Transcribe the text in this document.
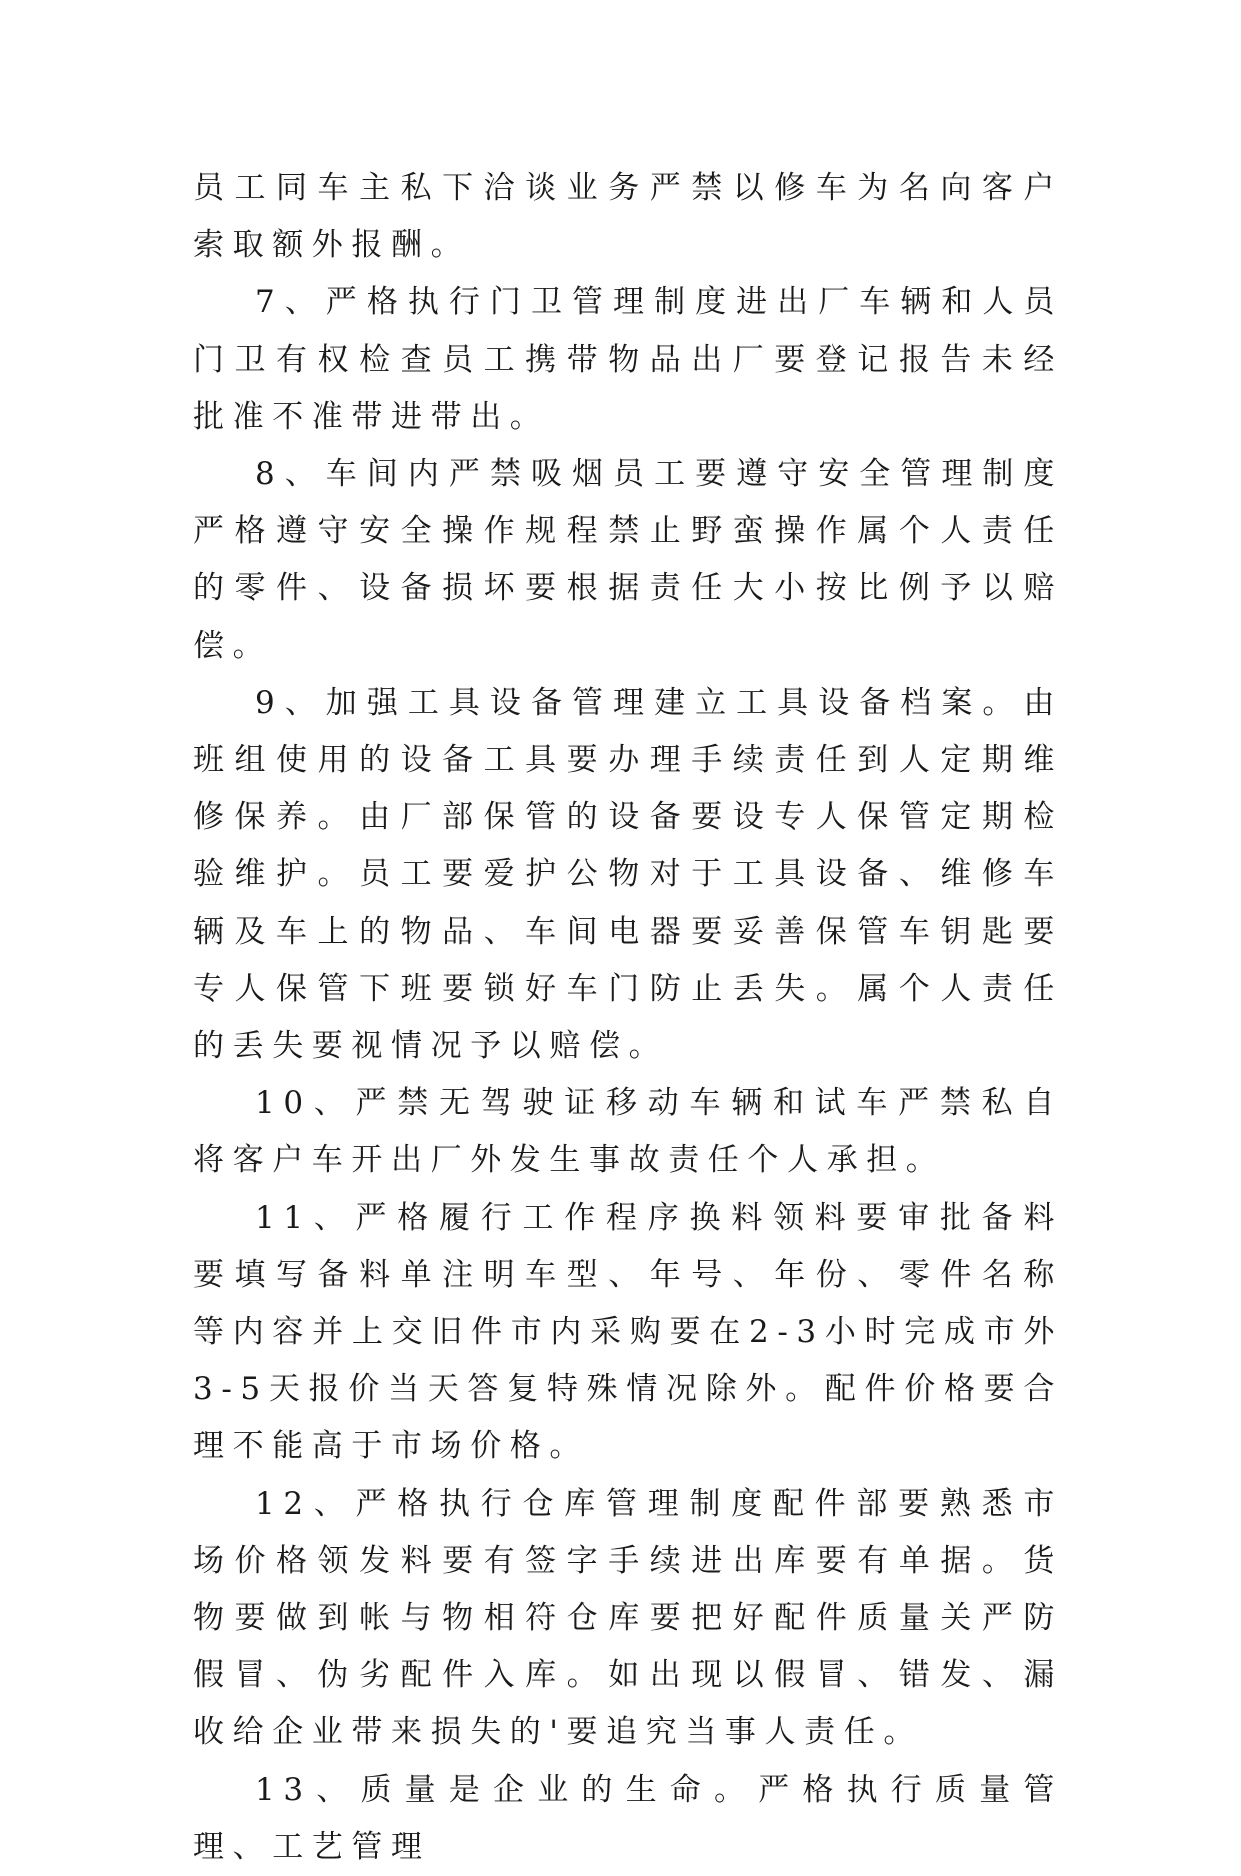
员工同车主私下洽谈业务严禁以修车为名向客户索取额外报酬。

7、严格执行门卫管理制度进出厂车辆和人员门卫有权检查员工携带物品出厂要登记报告未经批准不准带进带出。

8、车间内严禁吸烟员工要遵守安全管理制度严格遵守安全操作规程禁止野蛮操作属个人责任的零件、设备损坏要根据责任大小按比例予以赔偿。

9、加强工具设备管理建立工具设备档案。由班组使用的设备工具要办理手续责任到人定期维修保养。由厂部保管的设备要设专人保管定期检验维护。员工要爱护公物对于工具设备、维修车辆及车上的物品、车间电器要妥善保管车钥匙要专人保管下班要锁好车门防止丢失。属个人责任的丢失要视情况予以赔偿。

10、严禁无驾驶证移动车辆和试车严禁私自将客户车开出厂外发生事故责任个人承担。

11、严格履行工作程序换料领料要审批备料要填写备料单注明车型、年号、年份、零件名称等内容并上交旧件市内采购要在2-3小时完成市外3-5天报价当天答复特殊情况除外。配件价格要合理不能高于市场价格。

12、严格执行仓库管理制度配件部要熟悉市场价格领发料要有签字手续进出库要有单据。货物要做到帐与物相符仓库要把好配件质量关严防假冒、伪劣配件入库。如出现以假冒、错发、漏收给企业带来损失的'要追究当事人责任。

13、质量是企业的生命。严格执行质量管理、工艺管理
